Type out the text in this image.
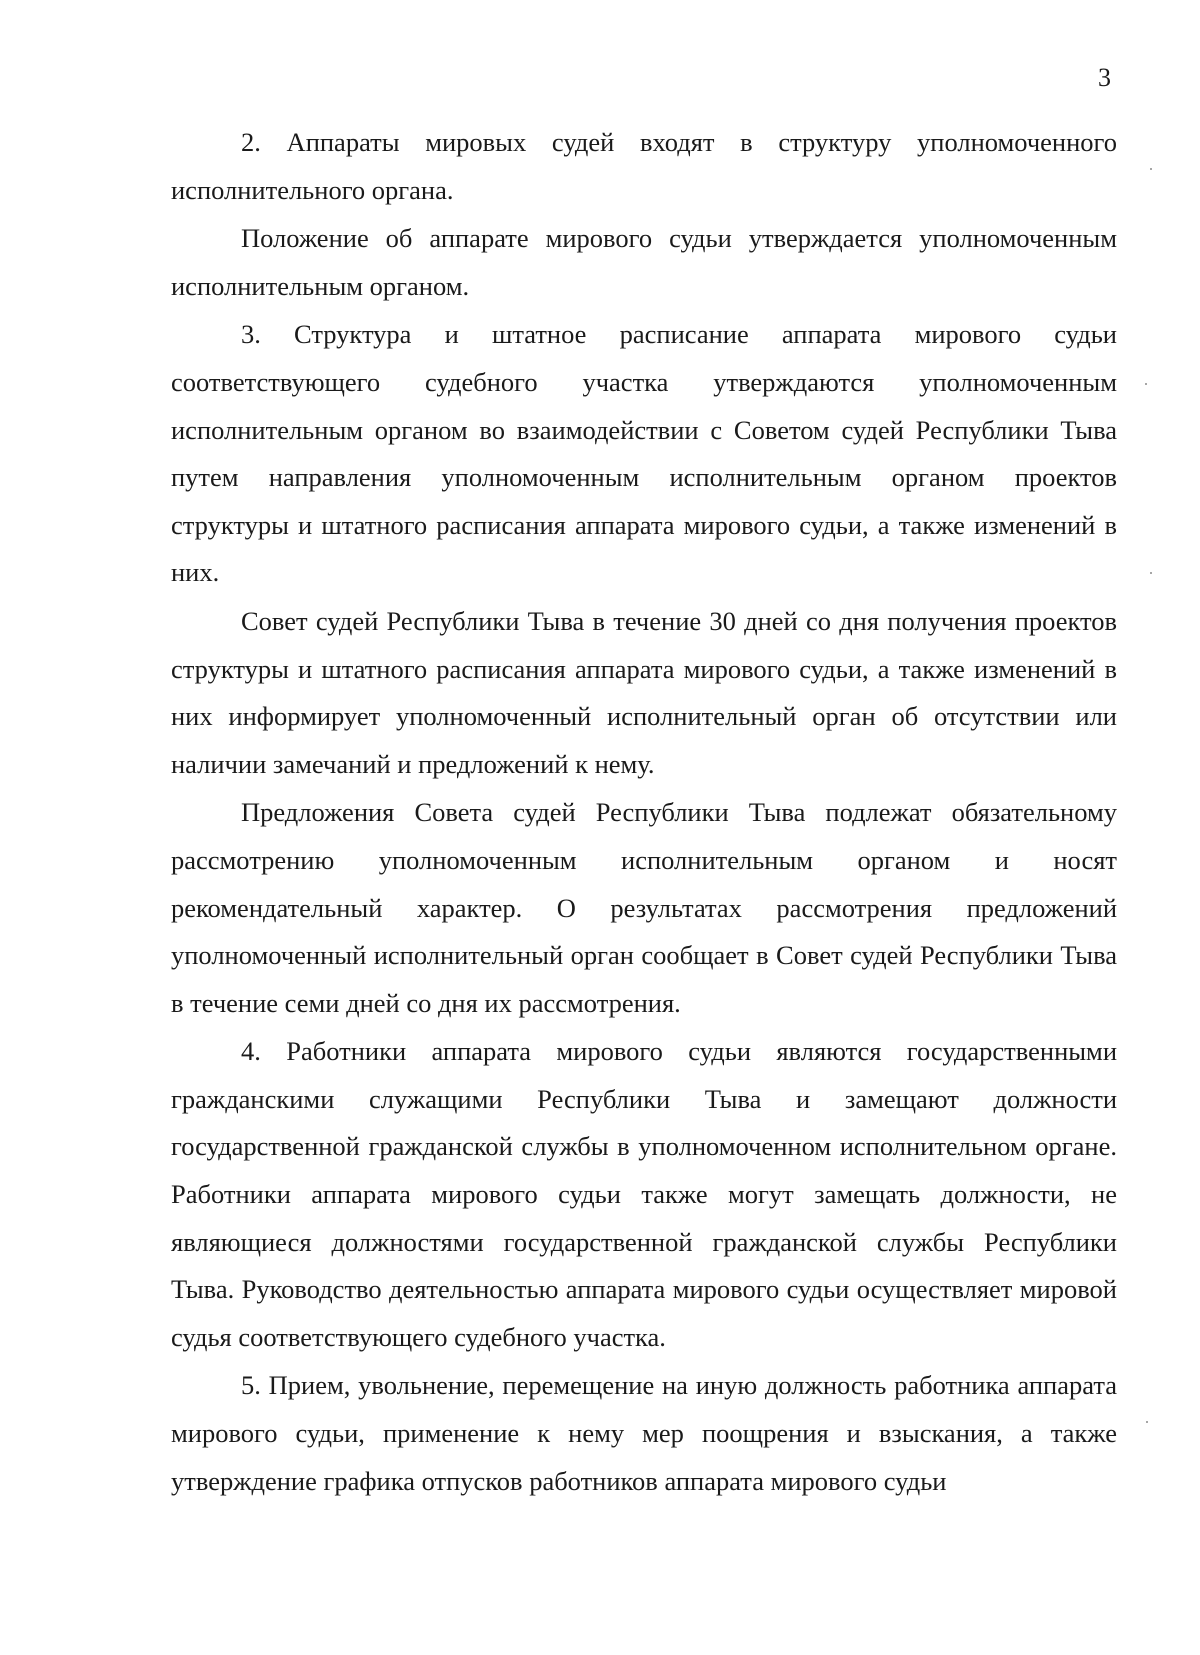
3

2. Аппараты мировых судей входят в структуру уполномоченного исполнительного органа.

Положение об аппарате мирового судьи утверждается уполномоченным исполнительным органом.

3. Структура и штатное расписание аппарата мирового судьи соответствующего судебного участка утверждаются уполномоченным исполнительным органом во взаимодействии с Советом судей Республики Тыва путем направления уполномоченным исполнительным органом проектов структуры и штатного расписания аппарата мирового судьи, а также изменений в них.

Совет судей Республики Тыва в течение 30 дней со дня получения проектов структуры и штатного расписания аппарата мирового судьи, а также изменений в них информирует уполномоченный исполнительный орган об отсутствии или наличии замечаний и предложений к нему.

Предложения Совета судей Республики Тыва подлежат обязательному рассмотрению уполномоченным исполнительным органом и носят рекомендательный характер. О результатах рассмотрения предложений уполномоченный исполнительный орган сообщает в Совет судей Республики Тыва в течение семи дней со дня их рассмотрения.

4. Работники аппарата мирового судьи являются государственными гражданскими служащими Республики Тыва и замещают должности государственной гражданской службы в уполномоченном исполнительном органе. Работники аппарата мирового судьи также могут замещать должности, не являющиеся должностями государственной гражданской службы Республики Тыва. Руководство деятельностью аппарата мирового судьи осуществляет мировой судья соответствующего судебного участка.

5. Прием, увольнение, перемещение на иную должность работника аппарата мирового судьи, применение к нему мер поощрения и взыскания, а также утверждение графика отпусков работников аппарата мирового судьи
